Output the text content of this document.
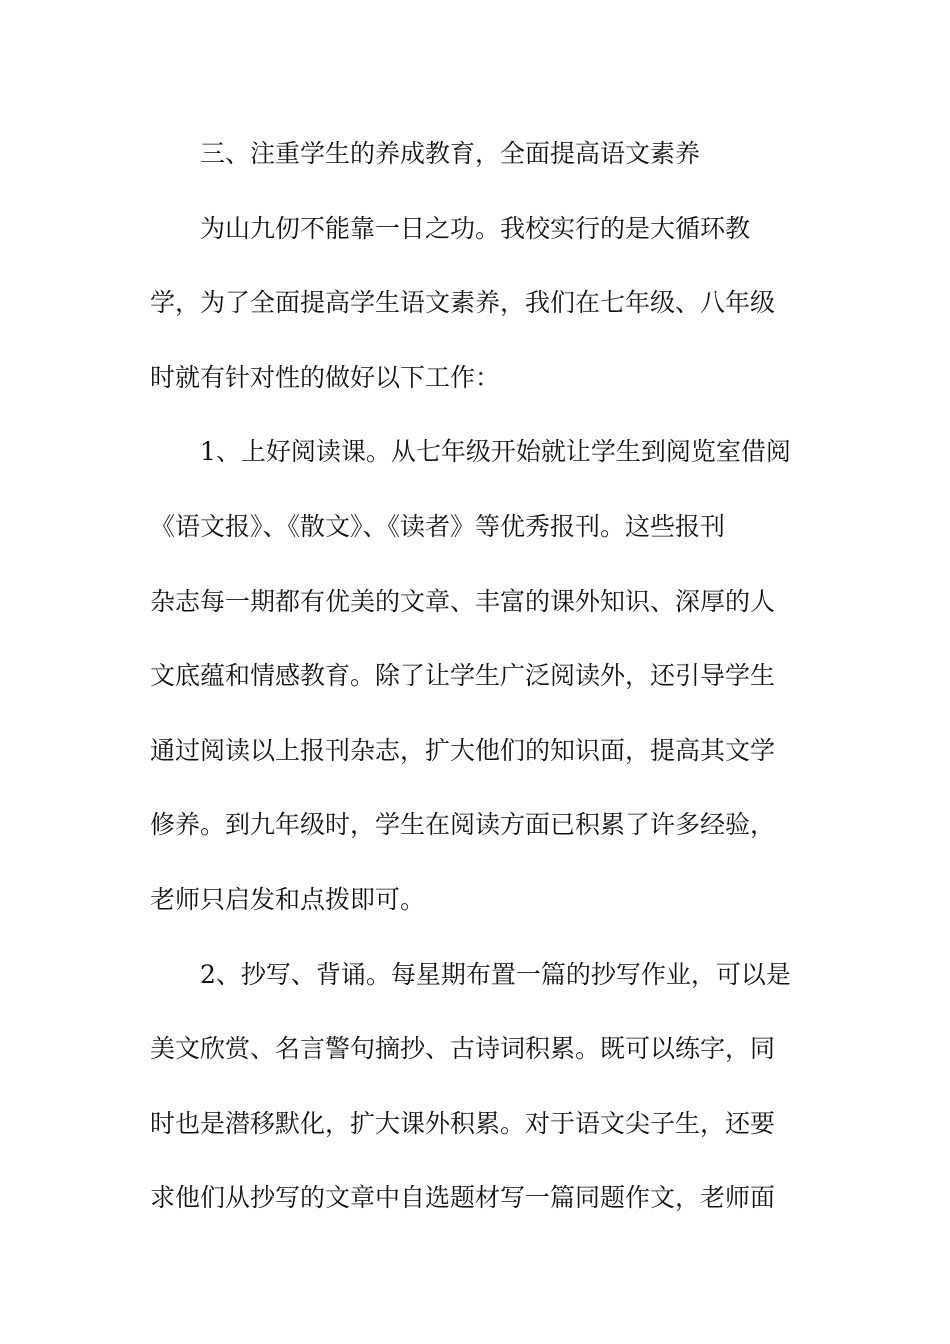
三、注重学生的养成教育，全面提高语文素养
为山九仞不能靠一日之功。我校实行的是大循环教
学，为了全面提高学生语文素养，我们在七年级、八年级
时就有针对性的做好以下工作：
1、上好阅读课。从七年级开始就让学生到阅览室借阅
《语文报》、《散文》、《读者》等优秀报刊。这些报刊
杂志每一期都有优美的文章、丰富的课外知识、深厚的人
文底蕴和情感教育。除了让学生广泛阅读外，还引导学生
通过阅读以上报刊杂志，扩大他们的知识面，提高其文学
修养。到九年级时，学生在阅读方面已积累了许多经验，
老师只启发和点拨即可。
2、抄写、背诵。每星期布置一篇的抄写作业，可以是
美文欣赏、名言警句摘抄、古诗词积累。既可以练字，同
时也是潜移默化，扩大课外积累。对于语文尖子生，还要
求他们从抄写的文章中自选题材写一篇同题作文，老师面
